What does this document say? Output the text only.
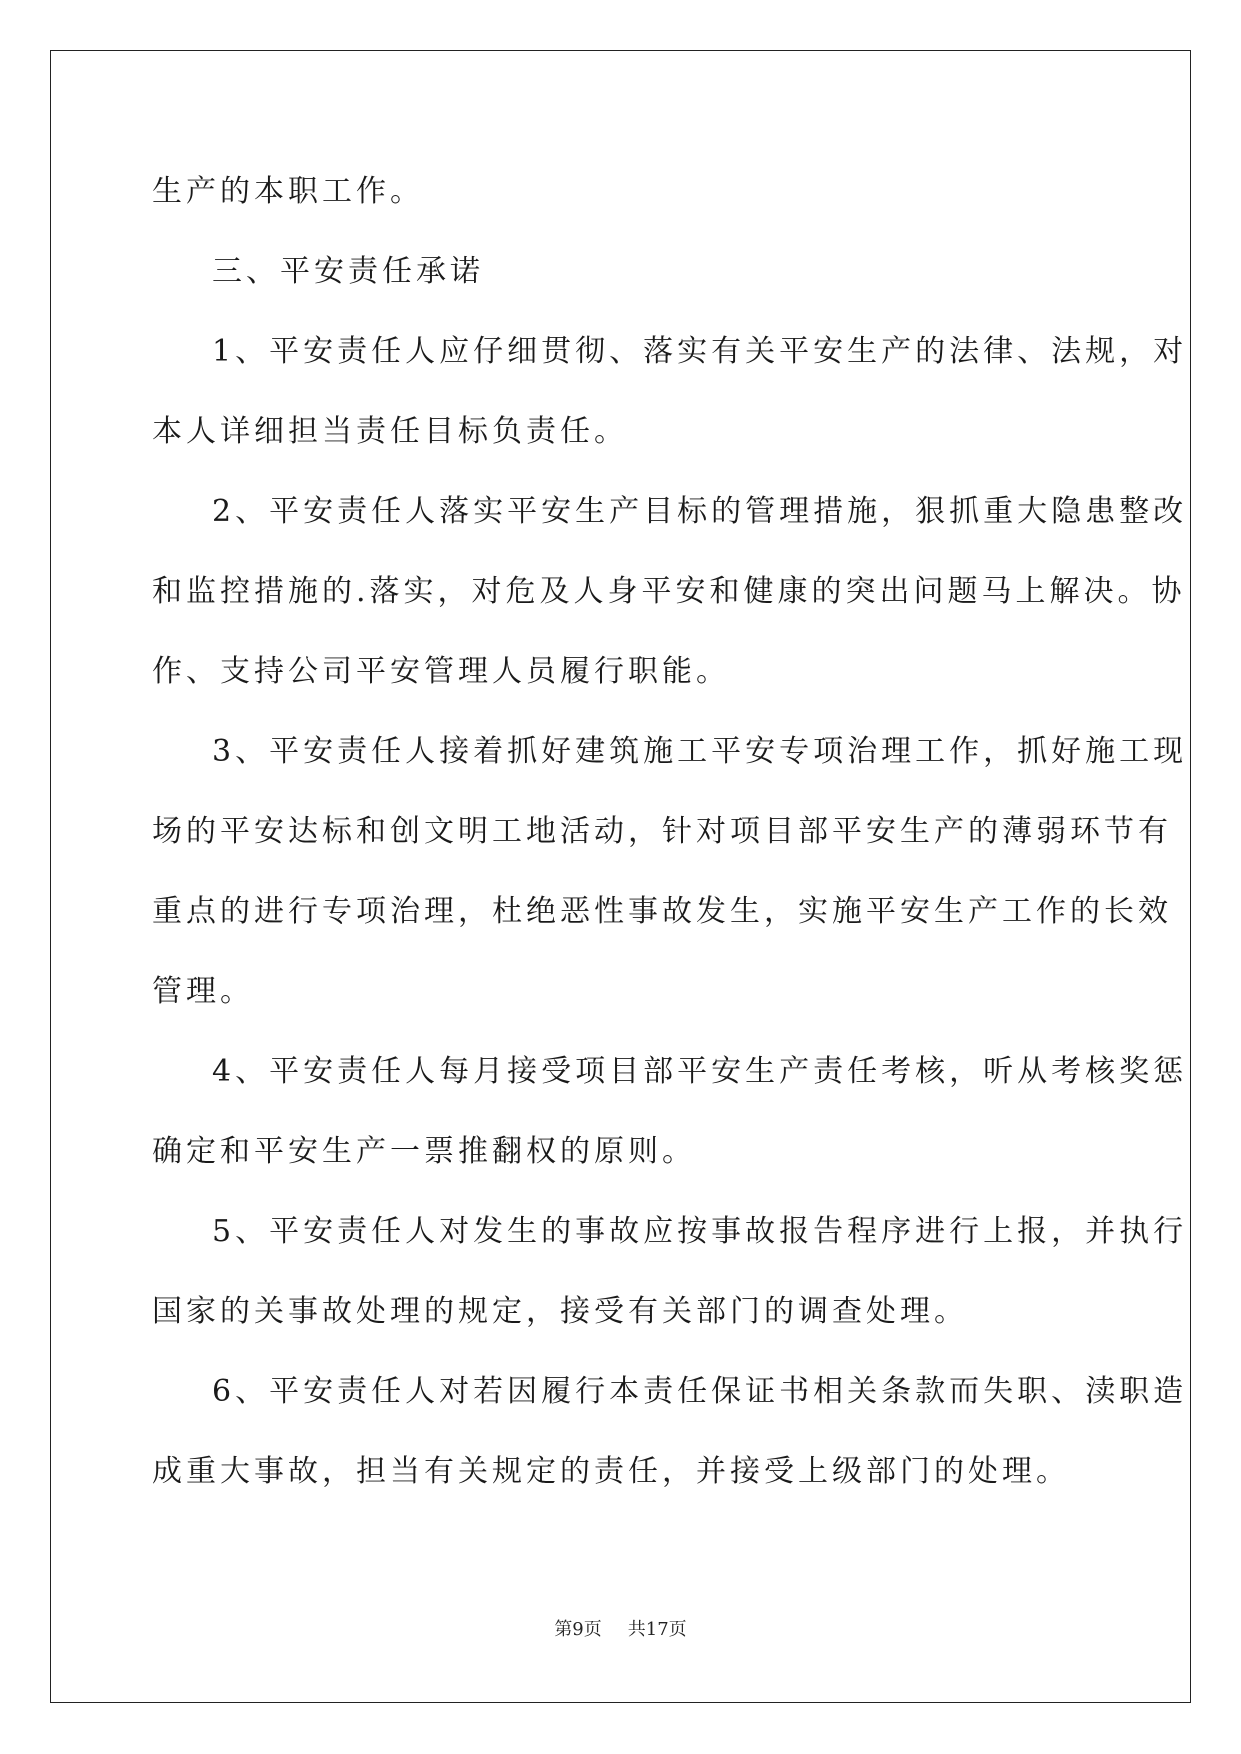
生产的本职工作。
三、平安责任承诺
1、平安责任人应仔细贯彻、落实有关平安生产的法律、法规，对
本人详细担当责任目标负责任。
2、平安责任人落实平安生产目标的管理措施，狠抓重大隐患整改
和监控措施的.落实，对危及人身平安和健康的突出问题马上解决。协
作、支持公司平安管理人员履行职能。
3、平安责任人接着抓好建筑施工平安专项治理工作，抓好施工现
场的平安达标和创文明工地活动，针对项目部平安生产的薄弱环节有
重点的进行专项治理，杜绝恶性事故发生，实施平安生产工作的长效
管理。
4、平安责任人每月接受项目部平安生产责任考核，听从考核奖惩
确定和平安生产一票推翻权的原则。
5、平安责任人对发生的事故应按事故报告程序进行上报，并执行
国家的关事故处理的规定，接受有关部门的调查处理。
6、平安责任人对若因履行本责任保证书相关条款而失职、渎职造
成重大事故，担当有关规定的责任，并接受上级部门的处理。
第9页 共17页
